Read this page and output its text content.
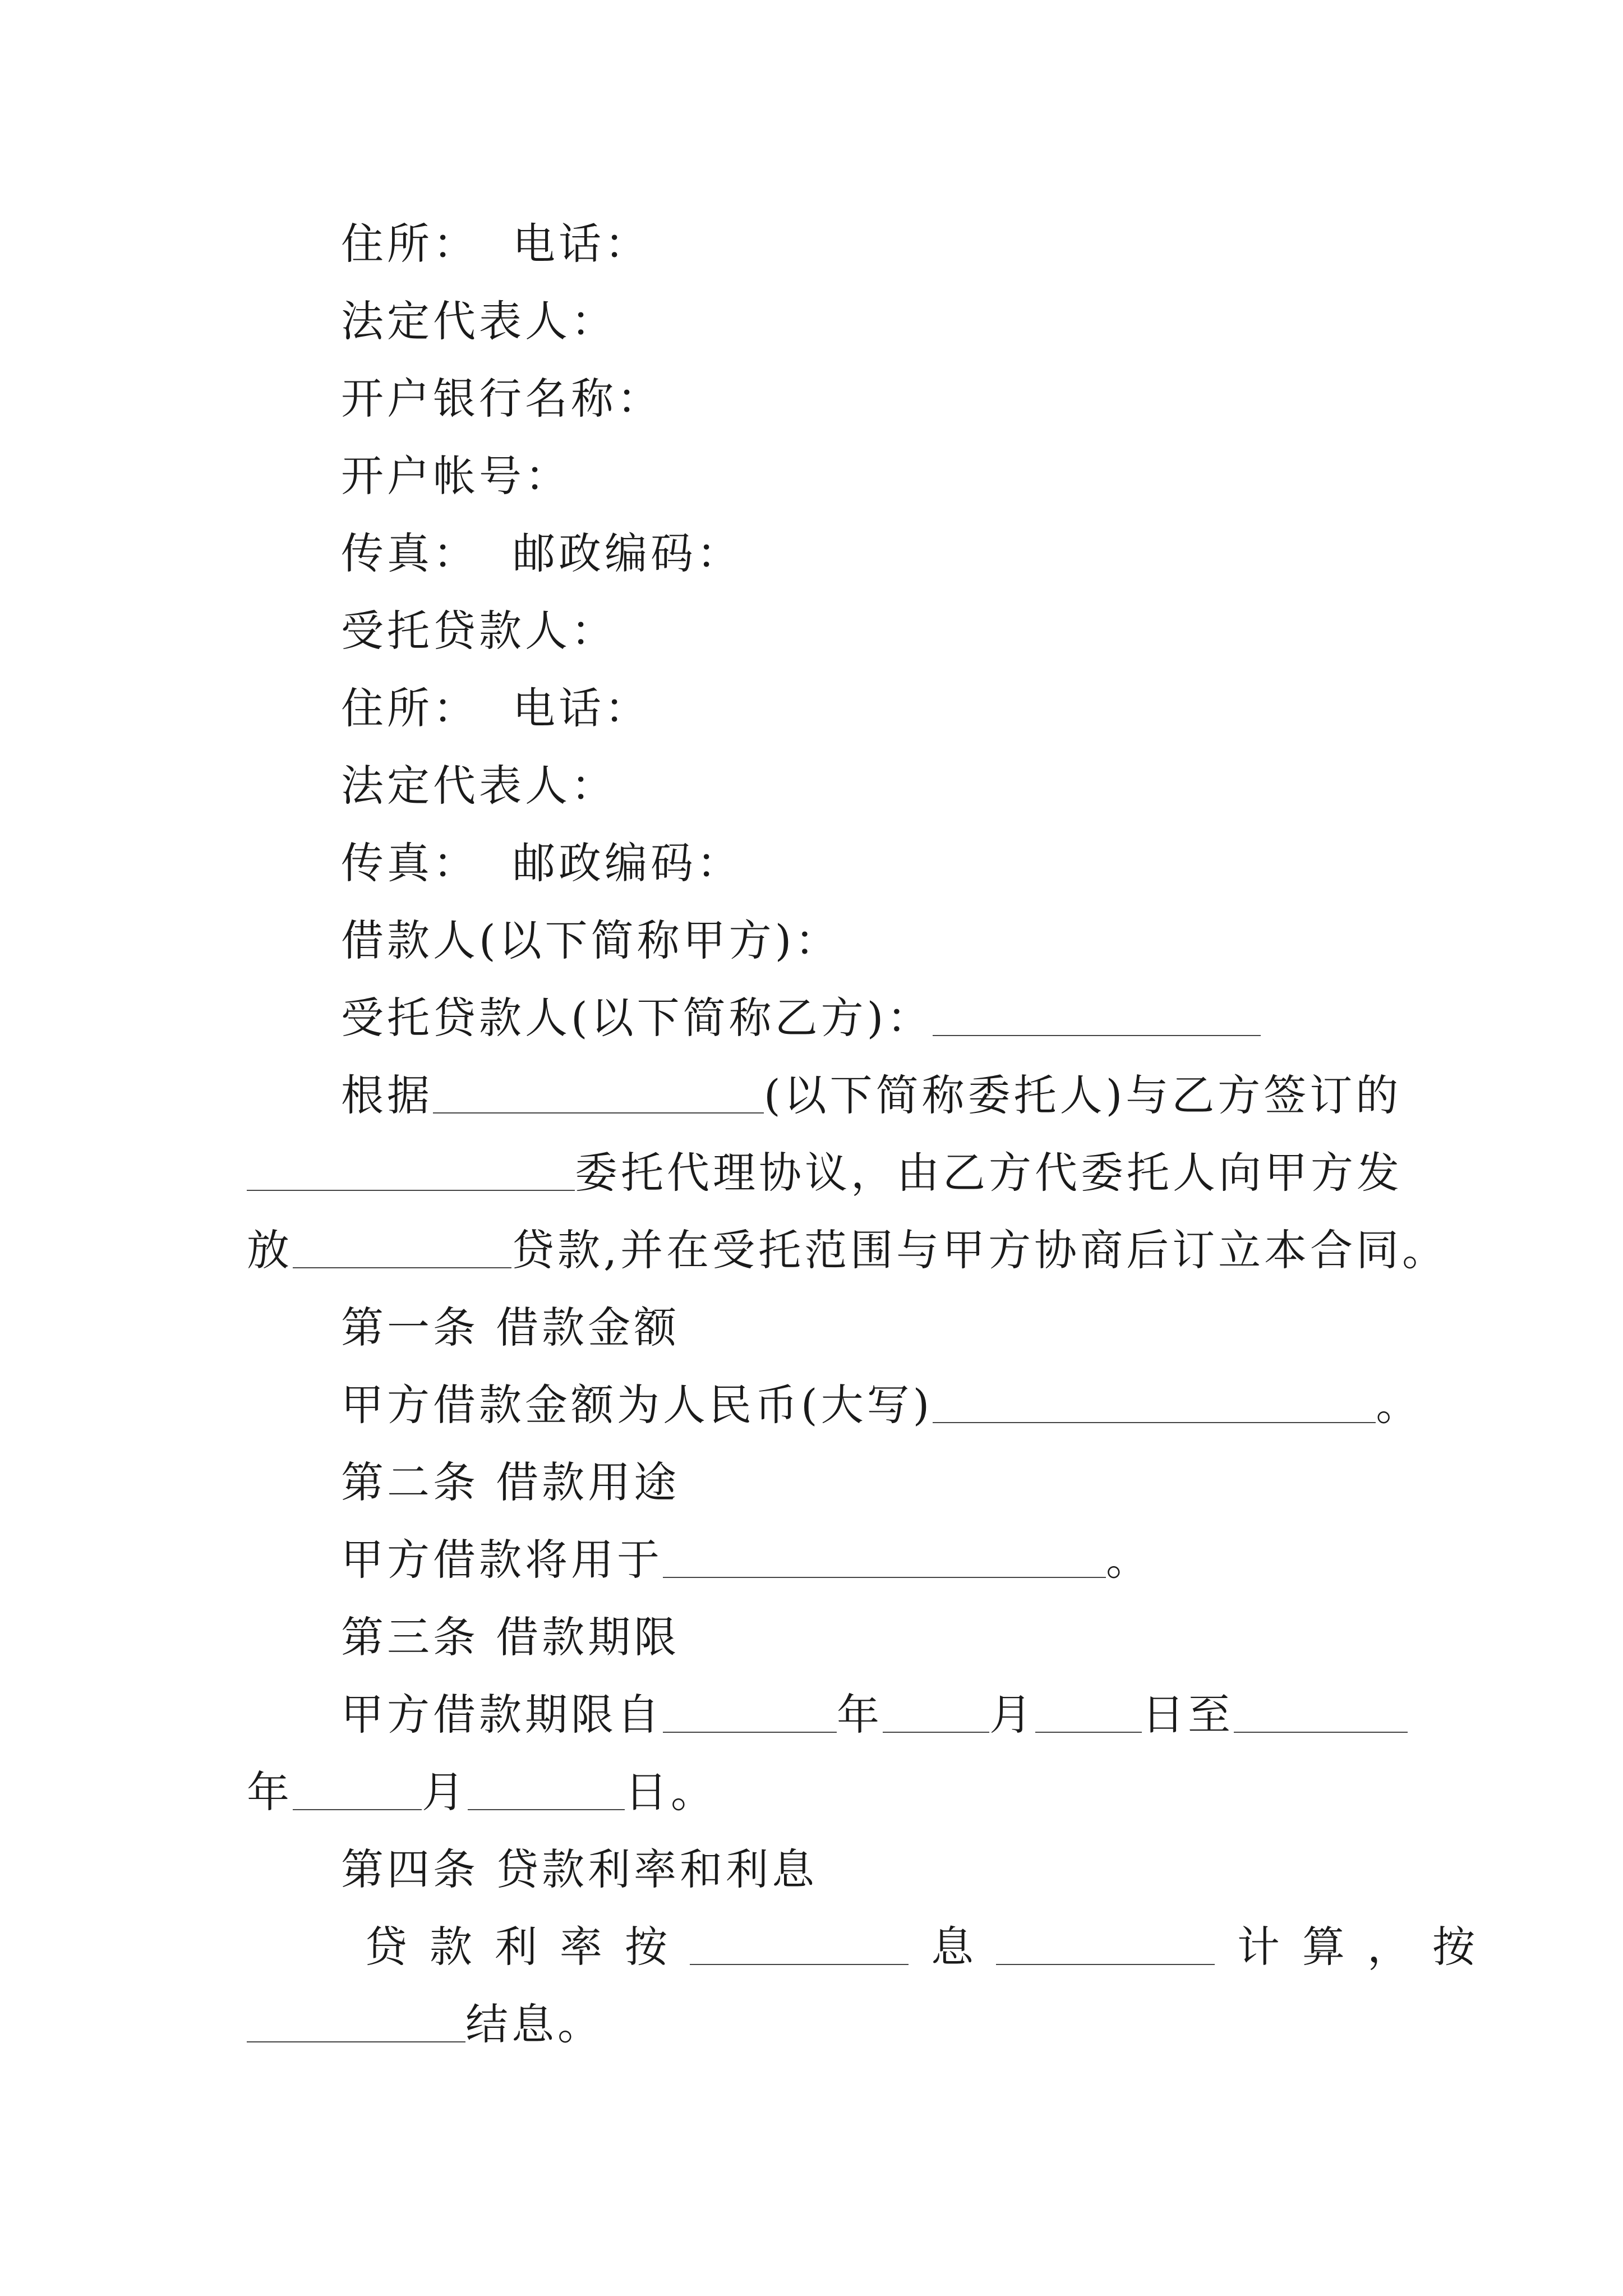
住所： 电话：
法定代表人：
开户银行名称：
开户帐号：
传真： 邮政编码：
受托贷款人：
住所： 电话：
法定代表人：
传真： 邮政编码：
借款人(以下简称甲方)：
受托贷款人(以下简称乙方)：
根据	(以下简称委托人)与乙方签订的
委托代理协议，由乙方代委托人向甲方发
放	贷款,并在受托范围与甲方协商后订立本合同。
第一条 借款金额
甲方借款金额为人民币(大写)	。
第二条 借款用途
甲方借款将用于	。
第三条 借款期限
甲方借款期限自	年	月	日至
年	月	日。
第四条 贷款利率和利息
贷款利率按	息	计算，按
结息。
